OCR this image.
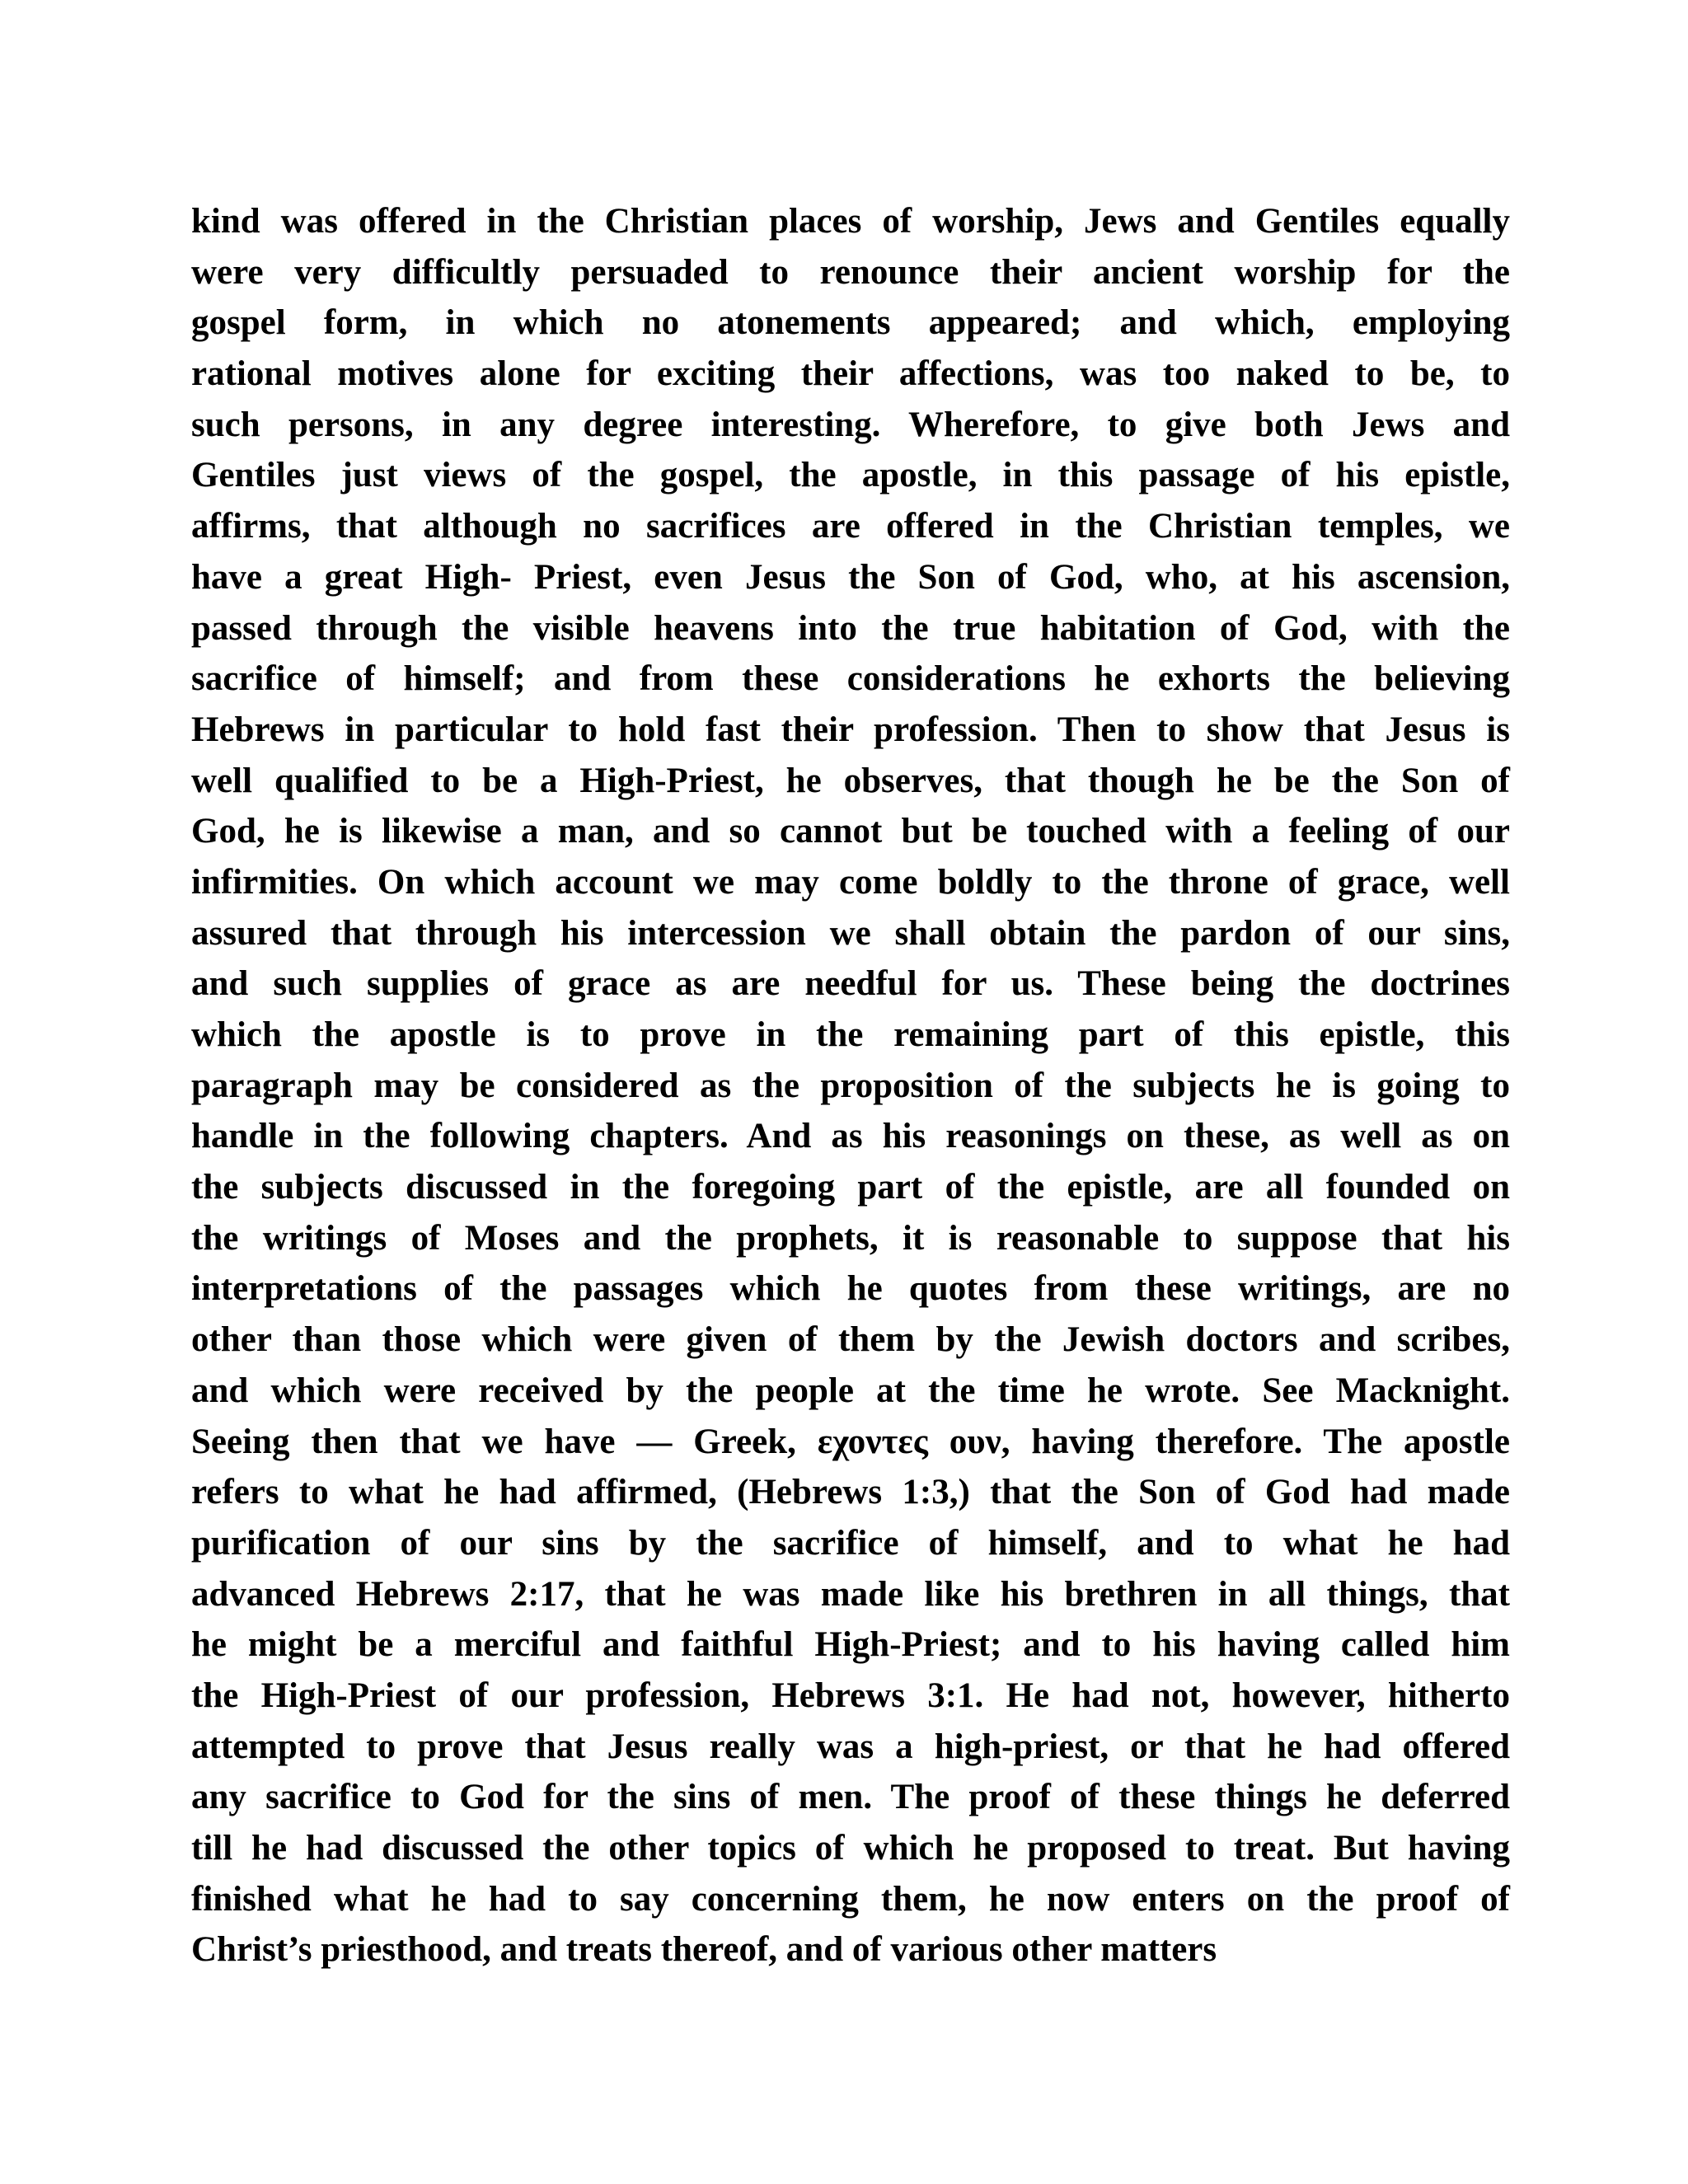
kind was offered in the Christian places of worship, Jews and Gentiles equally
were very difficultly persuaded to renounce their ancient worship for the
gospel form, in which no atonements appeared; and which, employing
rational motives alone for exciting their affections, was too naked to be, to
such persons, in any degree interesting. Wherefore, to give both Jews and
Gentiles just views of the gospel, the apostle, in this passage of his epistle,
affirms, that although no sacrifices are offered in the Christian temples, we
have a great High- Priest, even Jesus the Son of God, who, at his ascension,
passed through the visible heavens into the true habitation of God, with the
sacrifice of himself; and from these considerations he exhorts the believing
Hebrews in particular to hold fast their profession. Then to show that Jesus is
well qualified to be a High-Priest, he observes, that though he be the Son of
God, he is likewise a man, and so cannot but be touched with a feeling of our
infirmities. On which account we may come boldly to the throne of grace, well
assured that through his intercession we shall obtain the pardon of our sins,
and such supplies of grace as are needful for us. These being the doctrines
which the apostle is to prove in the remaining part of this epistle, this
paragraph may be considered as the proposition of the subjects he is going to
handle in the following chapters. And as his reasonings on these, as well as on
the subjects discussed in the foregoing part of the epistle, are all founded on
the writings of Moses and the prophets, it is reasonable to suppose that his
interpretations of the passages which he quotes from these writings, are no
other than those which were given of them by the Jewish doctors and scribes,
and which were received by the people at the time he wrote. See Macknight.
Seeing then that we have — Greek, εχοντες ουν, having therefore. The apostle
refers to what he had affirmed, (Hebrews 1:3,) that the Son of God had made
purification of our sins by the sacrifice of himself, and to what he had
advanced Hebrews 2:17, that he was made like his brethren in all things, that
he might be a merciful and faithful High-Priest; and to his having called him
the High-Priest of our profession, Hebrews 3:1. He had not, however, hitherto
attempted to prove that Jesus really was a high-priest, or that he had offered
any sacrifice to God for the sins of men. The proof of these things he deferred
till he had discussed the other topics of which he proposed to treat. But having
finished what he had to say concerning them, he now enters on the proof of
Christ’s priesthood, and treats thereof, and of various other matters
